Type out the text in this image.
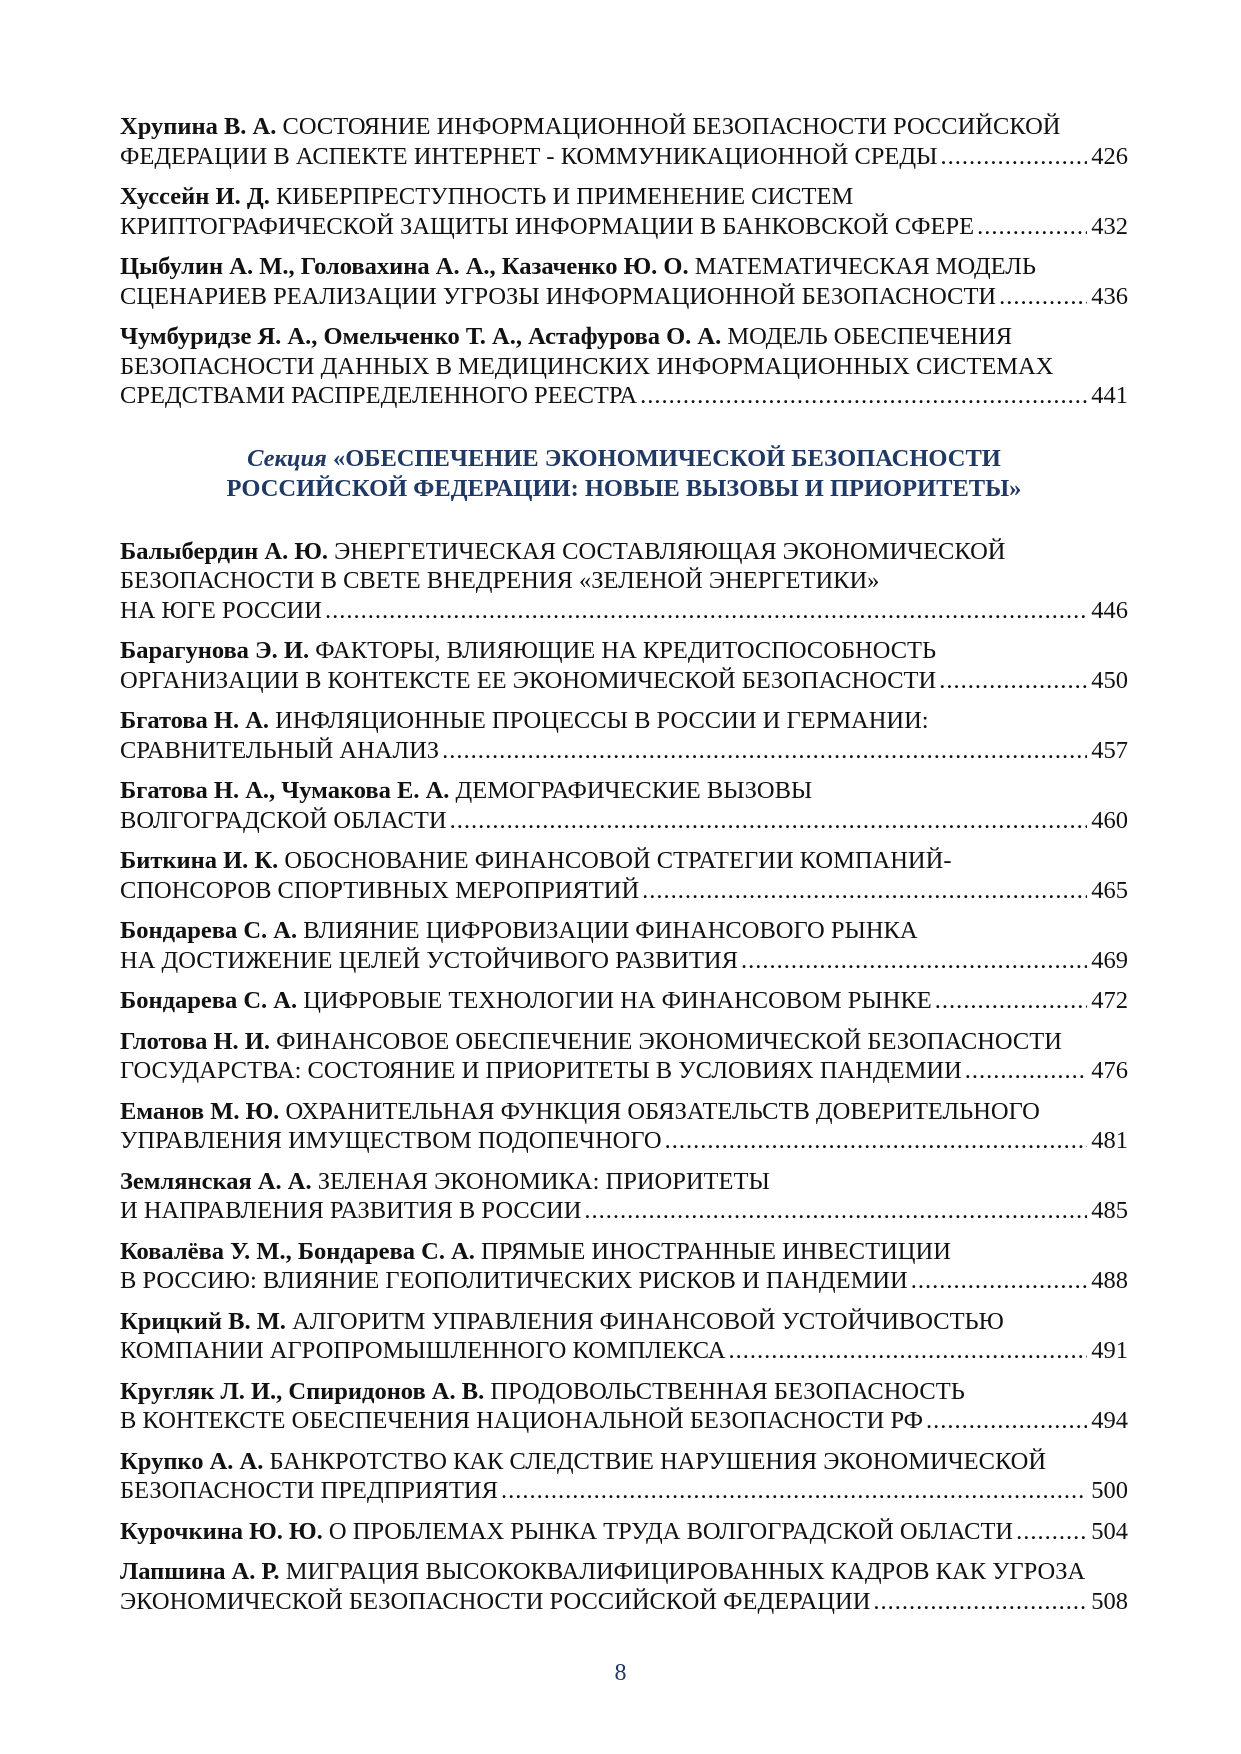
Хрупина В. А. СОСТОЯНИЕ ИНФОРМАЦИОННОЙ БЕЗОПАСНОСТИ РОССИЙСКОЙ
ФЕДЕРАЦИИ В АСПЕКТЕ ИНТЕРНЕТ - КОММУНИКАЦИОННОЙ СРЕДЫ .....	426
Хуссейн И. Д. КИБЕРПРЕСТУПНОСТЬ И ПРИМЕНЕНИЕ СИСТЕМ
КРИПТОГРАФИЧЕСКОЙ ЗАЩИТЫ ИНФОРМАЦИИ В БАНКОВСКОЙ СФЕРЕ .....	432
Цыбулин А. М., Головахина А. А., Казаченко Ю. О. МАТЕМАТИЧЕСКАЯ МОДЕЛЬ
СЦЕНАРИЕВ РЕАЛИЗАЦИИ УГРОЗЫ ИНФОРМАЦИОННОЙ БЕЗОПАСНОСТИ .....	436
Чумбуридзе Я. А., Омельченко Т. А., Астафурова О. А. МОДЕЛЬ ОБЕСПЕЧЕНИЯ
БЕЗОПАСНОСТИ ДАННЫХ В МЕДИЦИНСКИХ ИНФОРМАЦИОННЫХ СИСТЕМАХ
СРЕДСТВАМИ РАСПРЕДЕЛЕННОГО РЕЕСТРА .....	441
Секция «ОБЕСПЕЧЕНИЕ ЭКОНОМИЧЕСКОЙ БЕЗОПАСНОСТИ
РОССИЙСКОЙ ФЕДЕРАЦИИ: НОВЫЕ ВЫЗОВЫ И ПРИОРИТЕТЫ»
Балыбердин А. Ю. ЭНЕРГЕТИЧЕСКАЯ СОСТАВЛЯЮЩАЯ ЭКОНОМИЧЕСКОЙ
БЕЗОПАСНОСТИ В СВЕТЕ ВНЕДРЕНИЯ «ЗЕЛЕНОЙ ЭНЕРГЕТИКИ»
НА ЮГЕ РОССИИ .....	446
Барагунова Э. И. ФАКТОРЫ, ВЛИЯЮЩИЕ НА КРЕДИТОСПОСОБНОСТЬ
ОРГАНИЗАЦИИ В КОНТЕКСТЕ ЕЕ ЭКОНОМИЧЕСКОЙ БЕЗОПАСНОСТИ .....	450
Бгатова Н. А. ИНФЛЯЦИОННЫЕ ПРОЦЕССЫ В РОССИИ И ГЕРМАНИИ:
СРАВНИТЕЛЬНЫЙ АНАЛИЗ .....	457
Бгатова Н. А., Чумакова Е. А. ДЕМОГРАФИЧЕСКИЕ ВЫЗОВЫ
ВОЛГОГРАДСКОЙ ОБЛАСТИ .....	460
Биткина И. К. ОБОСНОВАНИЕ ФИНАНСОВОЙ СТРАТЕГИИ КОМПАНИЙ-
СПОНСОРОВ СПОРТИВНЫХ МЕРОПРИЯТИЙ .....	465
Бондарева С. А. ВЛИЯНИЕ ЦИФРОВИЗАЦИИ ФИНАНСОВОГО РЫНКА
НА ДОСТИЖЕНИЕ ЦЕЛЕЙ УСТОЙЧИВОГО РАЗВИТИЯ .....	469
Бондарева С. А. ЦИФРОВЫЕ ТЕХНОЛОГИИ НА ФИНАНСОВОМ РЫНКЕ .....	472
Глотова Н. И. ФИНАНСОВОЕ ОБЕСПЕЧЕНИЕ ЭКОНОМИЧЕСКОЙ БЕЗОПАСНОСТИ
ГОСУДАРСТВА: СОСТОЯНИЕ И ПРИОРИТЕТЫ В УСЛОВИЯХ ПАНДЕМИИ .....	476
Еманов М. Ю. ОХРАНИТЕЛЬНАЯ ФУНКЦИЯ ОБЯЗАТЕЛЬСТВ ДОВЕРИТЕЛЬНОГО
УПРАВЛЕНИЯ ИМУЩЕСТВОМ ПОДОПЕЧНОГО .....	481
Землянская А. А. ЗЕЛЕНАЯ ЭКОНОМИКА: ПРИОРИТЕТЫ
И НАПРАВЛЕНИЯ РАЗВИТИЯ В РОССИИ .....	485
Ковалёва У. М., Бондарева С. А. ПРЯМЫЕ ИНОСТРАННЫЕ ИНВЕСТИЦИИ
В РОССИЮ: ВЛИЯНИЕ ГЕОПОЛИТИЧЕСКИХ РИСКОВ И ПАНДЕМИИ .....	488
Крицкий В. М. АЛГОРИТМ УПРАВЛЕНИЯ ФИНАНСОВОЙ УСТОЙЧИВОСТЬЮ
КОМПАНИИ АГРОПРОМЫШЛЕННОГО КОМПЛЕКСА .....	491
Кругляк Л. И., Спиридонов А. В. ПРОДОВОЛЬСТВЕННАЯ БЕЗОПАСНОСТЬ
В КОНТЕКСТЕ ОБЕСПЕЧЕНИЯ НАЦИОНАЛЬНОЙ БЕЗОПАСНОСТИ РФ .....	494
Крупко А. А. БАНКРОТСТВО КАК СЛЕДСТВИЕ НАРУШЕНИЯ ЭКОНОМИЧЕСКОЙ
БЕЗОПАСНОСТИ ПРЕДПРИЯТИЯ .....	500
Курочкина Ю. Ю. О ПРОБЛЕМАХ РЫНКА ТРУДА ВОЛГОГРАДСКОЙ ОБЛАСТИ .....	504
Лапшина А. Р. МИГРАЦИЯ ВЫСОКОКВАЛИФИЦИРОВАННЫХ КАДРОВ КАК УГРОЗА
ЭКОНОМИЧЕСКОЙ БЕЗОПАСНОСТИ РОССИЙСКОЙ ФЕДЕРАЦИИ .....	508
8
